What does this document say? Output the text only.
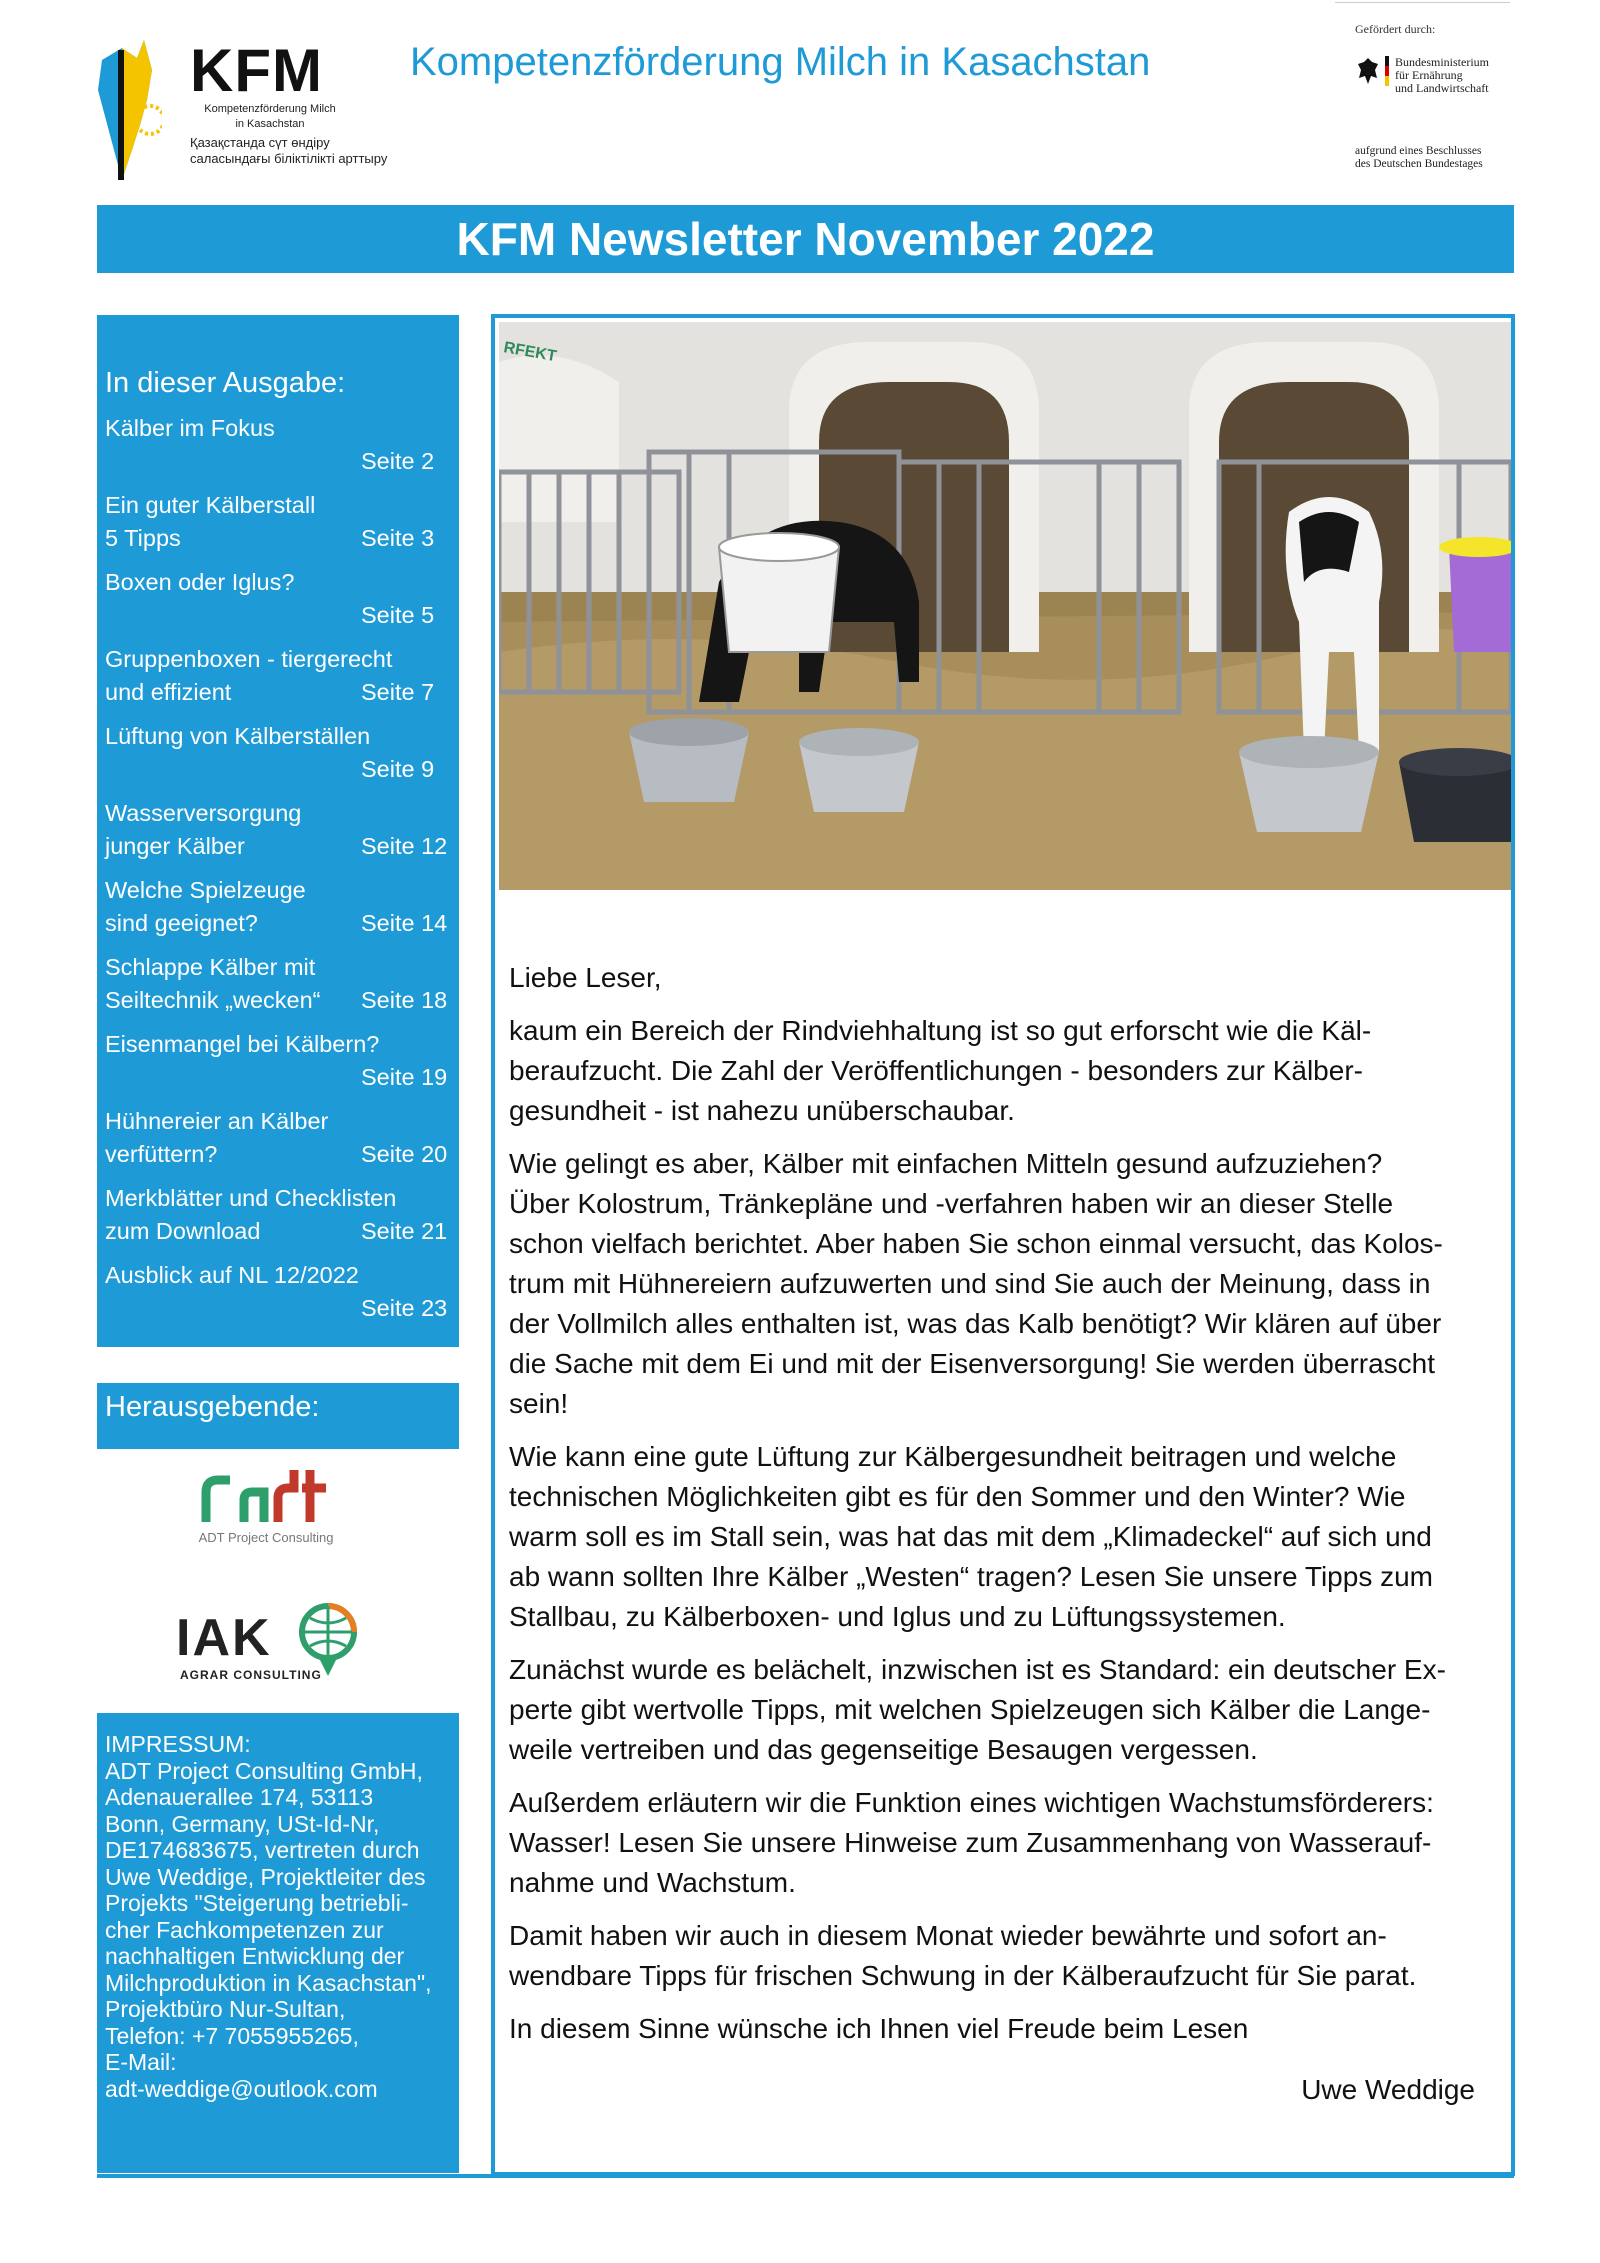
KFM
Kompetenzförderung Milch
in Kasachstan
Қазақстанда сүт өндіру
саласындағы біліктілікті арттыру
Kompetenzförderung Milch in Kasachstan
Gefördert durch:
Bundesministerium
für Ernährung
und Landwirtschaft
aufgrund eines Beschlusses
des Deutschen Bundestages
KFM Newsletter November 2022
In dieser Ausgabe:
Kälber im Fokus
Seite 2
Ein guter Kälberstall
5 Tipps	Seite 3
Boxen oder Iglus?
Seite 5
Gruppenboxen - tiergerecht
und effizient	Seite 7
Lüftung von Kälberställen
Seite 9
Wasserversorgung
junger Kälber	Seite 12
Welche Spielzeuge
sind geeignet?	Seite 14
Schlappe Kälber mit
Seiltechnik „wecken“	Seite 18
Eisenmangel bei Kälbern?
Seite 19
Hühnereier an Kälber
verfüttern?	Seite 20
Merkblätter und Checklisten
zum Download	Seite 21
Ausblick auf NL 12/2022
Seite 23
Herausgebende:
ADT Project Consulting
IAK
AGRAR CONSULTING
IMPRESSUM:
ADT Project Consulting GmbH,
Adenauerallee 174, 53113
Bonn, Germany, USt-Id-Nr,
DE174683675, vertreten durch
Uwe Weddige, Projektleiter des
Projekts "Steigerung betriebli-
cher Fachkompetenzen zur
nachhaltigen Entwicklung der
Milchproduktion in Kasachstan",
Projektbüro Nur-Sultan,
Telefon: +7 7055955265,
E-Mail:
adt-weddige@outlook.com
RFEKT

Liebe Leser,

kaum ein Bereich der Rindviehhaltung ist so gut erforscht wie die Käl-
beraufzucht. Die Zahl der Veröffentlichungen - besonders zur Kälber-
gesundheit - ist nahezu unüberschaubar.

Wie gelingt es aber, Kälber mit einfachen Mitteln gesund aufzuziehen?
Über Kolostrum, Tränkepläne und -verfahren haben wir an dieser Stelle
schon vielfach berichtet. Aber haben Sie schon einmal versucht, das Kolos-
trum mit Hühnereiern aufzuwerten und sind Sie auch der Meinung, dass in
der Vollmilch alles enthalten ist, was das Kalb benötigt? Wir klären auf über
die Sache mit dem Ei und mit der Eisenversorgung! Sie werden überrascht
sein!

Wie kann eine gute Lüftung zur Kälbergesundheit beitragen und welche
technischen Möglichkeiten gibt es für den Sommer und den Winter? Wie
warm soll es im Stall sein, was hat das mit dem „Klimadeckel“ auf sich und
ab wann sollten Ihre Kälber „Westen“ tragen? Lesen Sie unsere Tipps zum
Stallbau, zu Kälberboxen- und Iglus und zu Lüftungssystemen.

Zunächst wurde es belächelt, inzwischen ist es Standard: ein deutscher Ex-
perte gibt wertvolle Tipps, mit welchen Spielzeugen sich Kälber die Lange-
weile vertreiben und das gegenseitige Besaugen vergessen.

Außerdem erläutern wir die Funktion eines wichtigen Wachstumsförderers:
Wasser! Lesen Sie unsere Hinweise zum Zusammenhang von Wasserauf-
nahme und Wachstum.

Damit haben wir auch in diesem Monat wieder bewährte und sofort an-
wendbare Tipps für frischen Schwung in der Kälberaufzucht für Sie parat.

In diesem Sinne wünsche ich Ihnen viel Freude beim Lesen

Uwe Weddige
